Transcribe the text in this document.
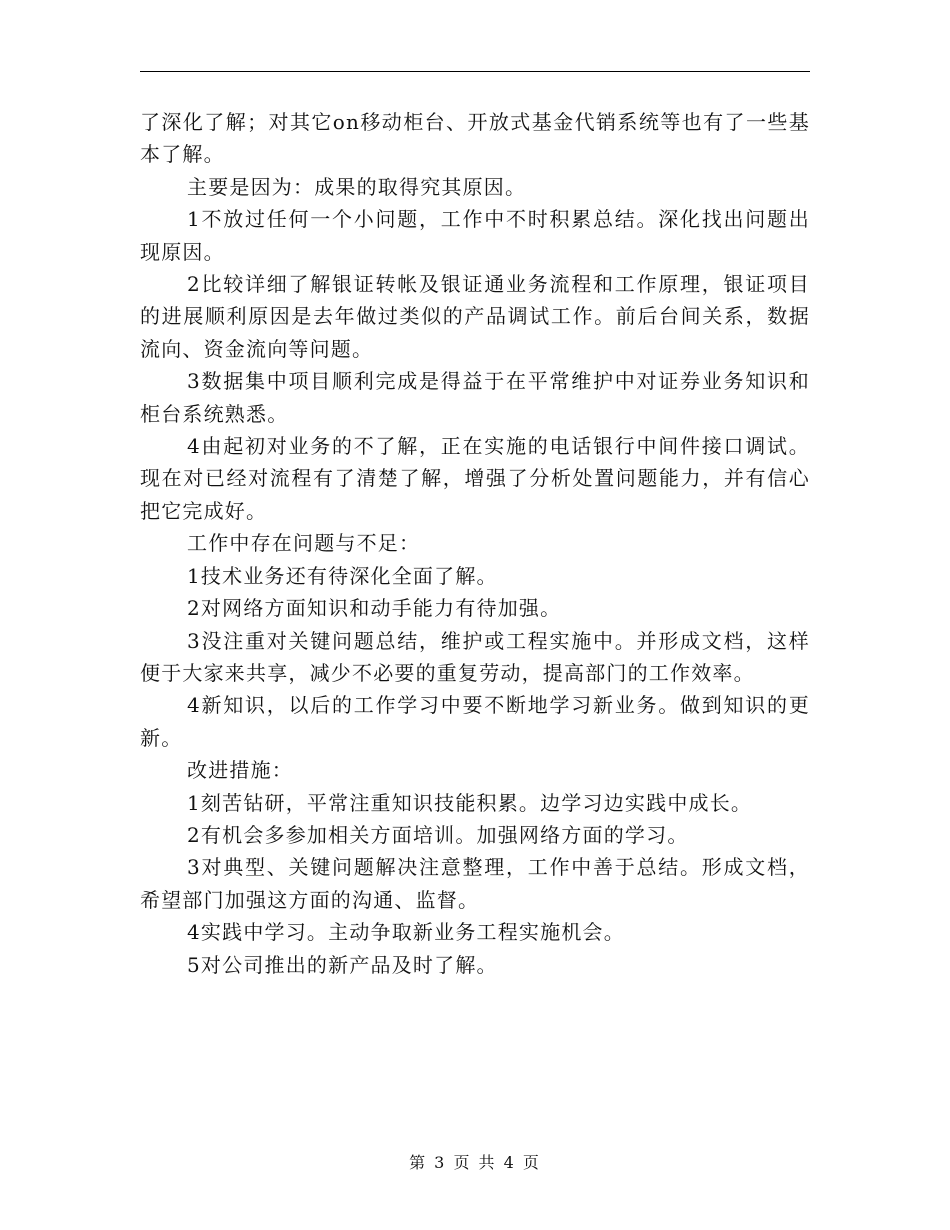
了深化了解；对其它on移动柜台、开放式基金代销系统等也有了一些基本了解。

主要是因为：成果的取得究其原因。

1不放过任何一个小问题，工作中不时积累总结。深化找出问题出现原因。

2比较详细了解银证转帐及银证通业务流程和工作原理，银证项目的进展顺利原因是去年做过类似的产品调试工作。前后台间关系，数据流向、资金流向等问题。

3数据集中项目顺利完成是得益于在平常维护中对证券业务知识和柜台系统熟悉。

4由起初对业务的不了解，正在实施的电话银行中间件接口调试。现在对已经对流程有了清楚了解，增强了分析处置问题能力，并有信心把它完成好。

工作中存在问题与不足：

1技术业务还有待深化全面了解。

2对网络方面知识和动手能力有待加强。

3没注重对关键问题总结，维护或工程实施中。并形成文档，这样便于大家来共享，减少不必要的重复劳动，提高部门的工作效率。

4新知识，以后的工作学习中要不断地学习新业务。做到知识的更新。

改进措施：

1刻苦钻研，平常注重知识技能积累。边学习边实践中成长。

2有机会多参加相关方面培训。加强网络方面的学习。

3对典型、关键问题解决注意整理，工作中善于总结。形成文档，希望部门加强这方面的沟通、监督。

4实践中学习。主动争取新业务工程实施机会。

5对公司推出的新产品及时了解。

第 3 页 共 4 页
